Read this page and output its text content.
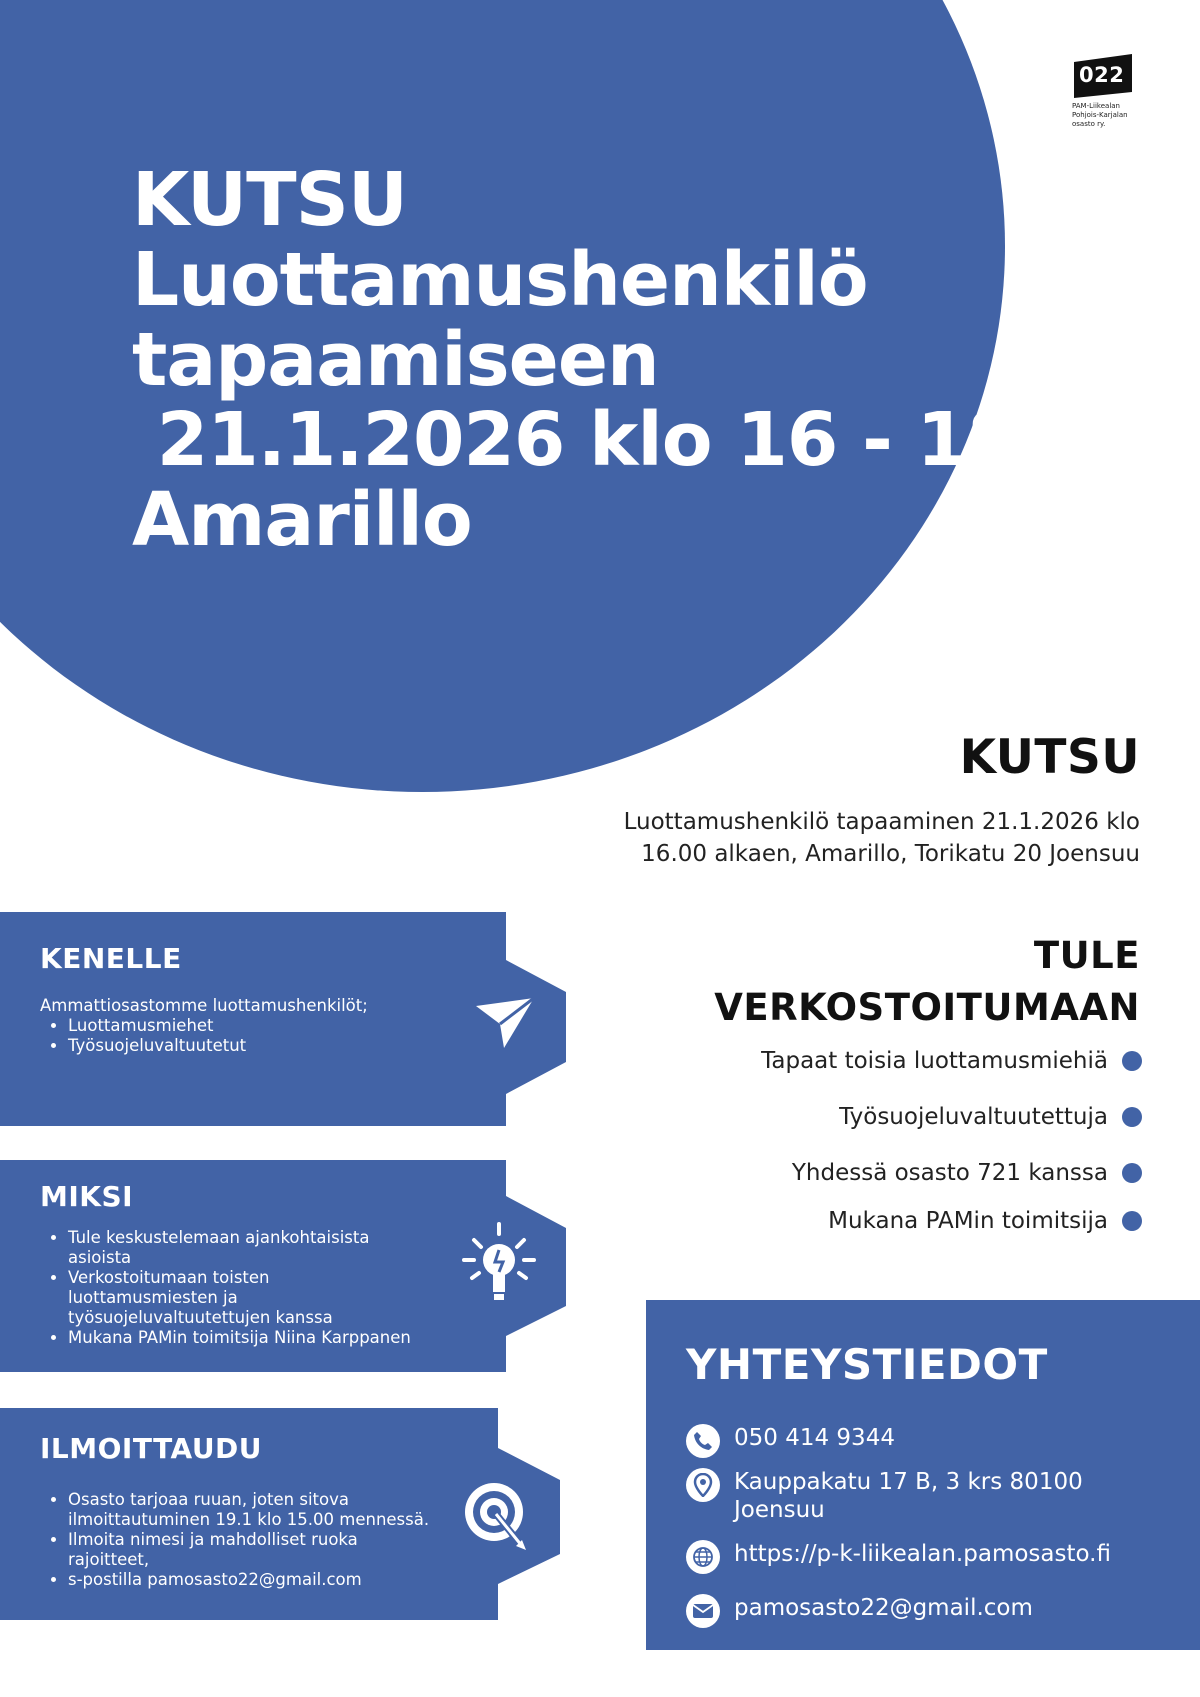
KUTSU
Luottamushenkilö
tapaamiseen
21.1.2026 klo 16 - 18
Amarillo
022
PAM-Liikealan
Pohjois-Karjalan
osasto ry.
KUTSU
Luottamushenkilö tapaaminen 21.1.2026 klo
16.00 alkaen, Amarillo, Torikatu 20 Joensuu
TULE
VERKOSTOITUMAAN
Tapaat toisia luottamusmiehiä
Työsuojeluvaltuutettuja
Yhdessä osasto 721 kanssa
Mukana PAMin toimitsija
KENELLE
Ammattiosastomme luottamushenkilöt;
• Luottamusmiehet
• Työsuojeluvaltuutetut
MIKSI
• Tule keskustelemaan ajankohtaisista asioista
• Verkostoitumaan toisten luottamusmiesten ja työsuojeluvaltuutettujen kanssa
• Mukana PAMin toimitsija Niina Karppanen
ILMOITTAUDU
• Osasto tarjoaa ruuan, joten sitova ilmoittautuminen 19.1 klo 15.00 mennessä.
• Ilmoita nimesi ja mahdolliset ruoka rajoitteet,
• s-postilla pamosasto22@gmail.com
YHTEYSTIEDOT
050 414 9344
Kauppakatu 17 B, 3 krs 80100 Joensuu
https://p-k-liikealan.pamosasto.fi
pamosasto22@gmail.com
